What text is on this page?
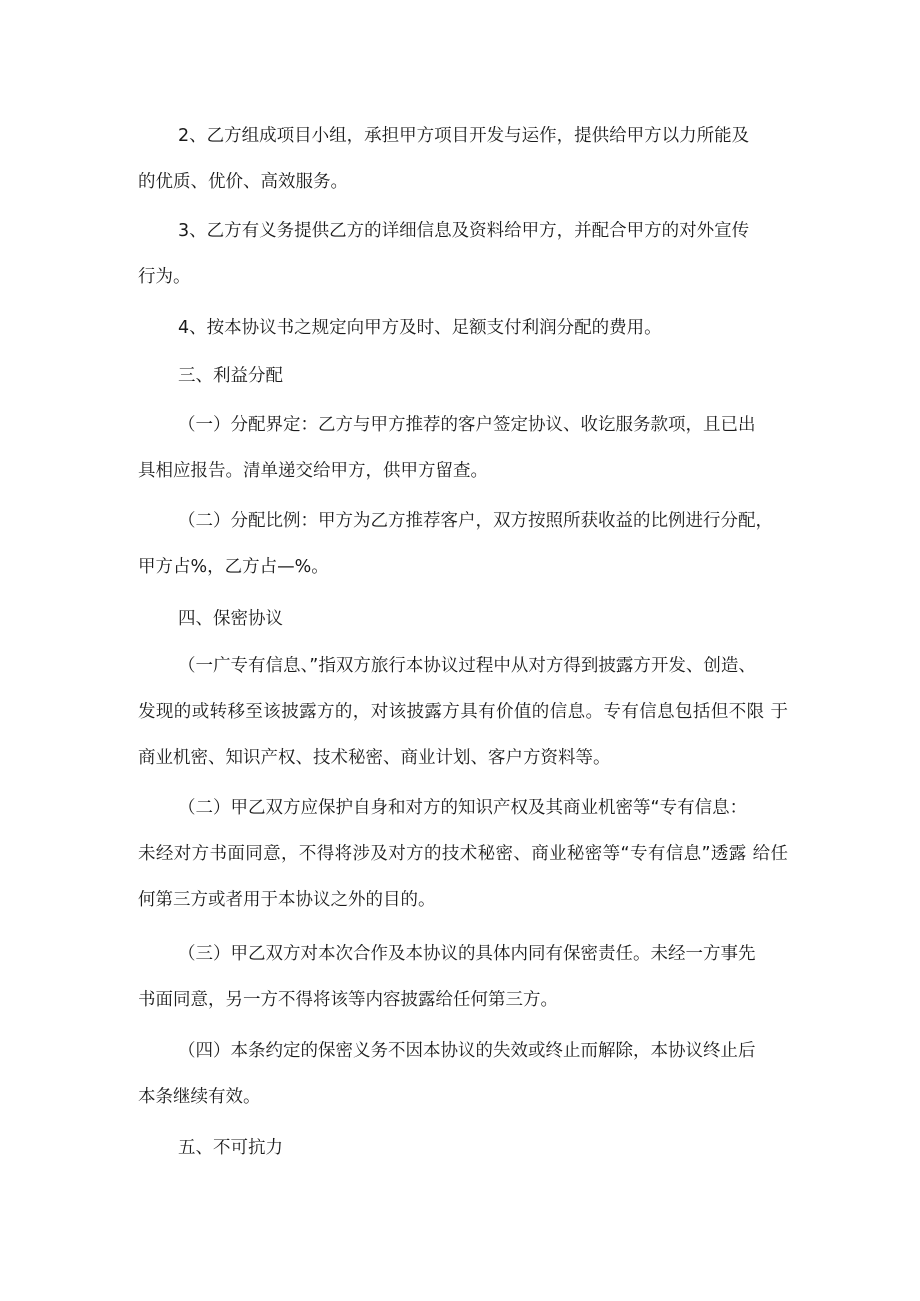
2、乙方组成项目小组，承担甲方项目开发与运作，提供给甲方以力所能及
的优质、优价、高效服务。

3、乙方有义务提供乙方的详细信息及资料给甲方，并配合甲方的对外宣传
行为。

4、按本协议书之规定向甲方及时、足额支付利润分配的费用。

三、利益分配

（一）分配界定：乙方与甲方推荐的客户签定协议、收讫服务款项，且已出
具相应报告。清单递交给甲方，供甲方留查。

（二）分配比例：甲方为乙方推荐客户，双方按照所获收益的比例进行分配，
甲方占%，乙方占—%。

四、保密协议

（一广专有信息、”指双方旅行本协议过程中从对方得到披露方开发、创造、
发现的或转移至该披露方的，对该披露方具有价值的信息。专有信息包括但不限 于商业机密、知识产权、技术秘密、商业计划、客户方资料等。

（二）甲乙双方应保护自身和对方的知识产权及其商业机密等“专有信息：
未经对方书面同意，不得将涉及对方的技术秘密、商业秘密等“专有信息”透露 给任何第三方或者用于本协议之外的目的。

（三）甲乙双方对本次合作及本协议的具体内同有保密责任。未经一方事先
书面同意，另一方不得将该等内容披露给任何第三方。

（四）本条约定的保密义务不因本协议的失效或终止而解除，本协议终止后
本条继续有效。

五、不可抗力
